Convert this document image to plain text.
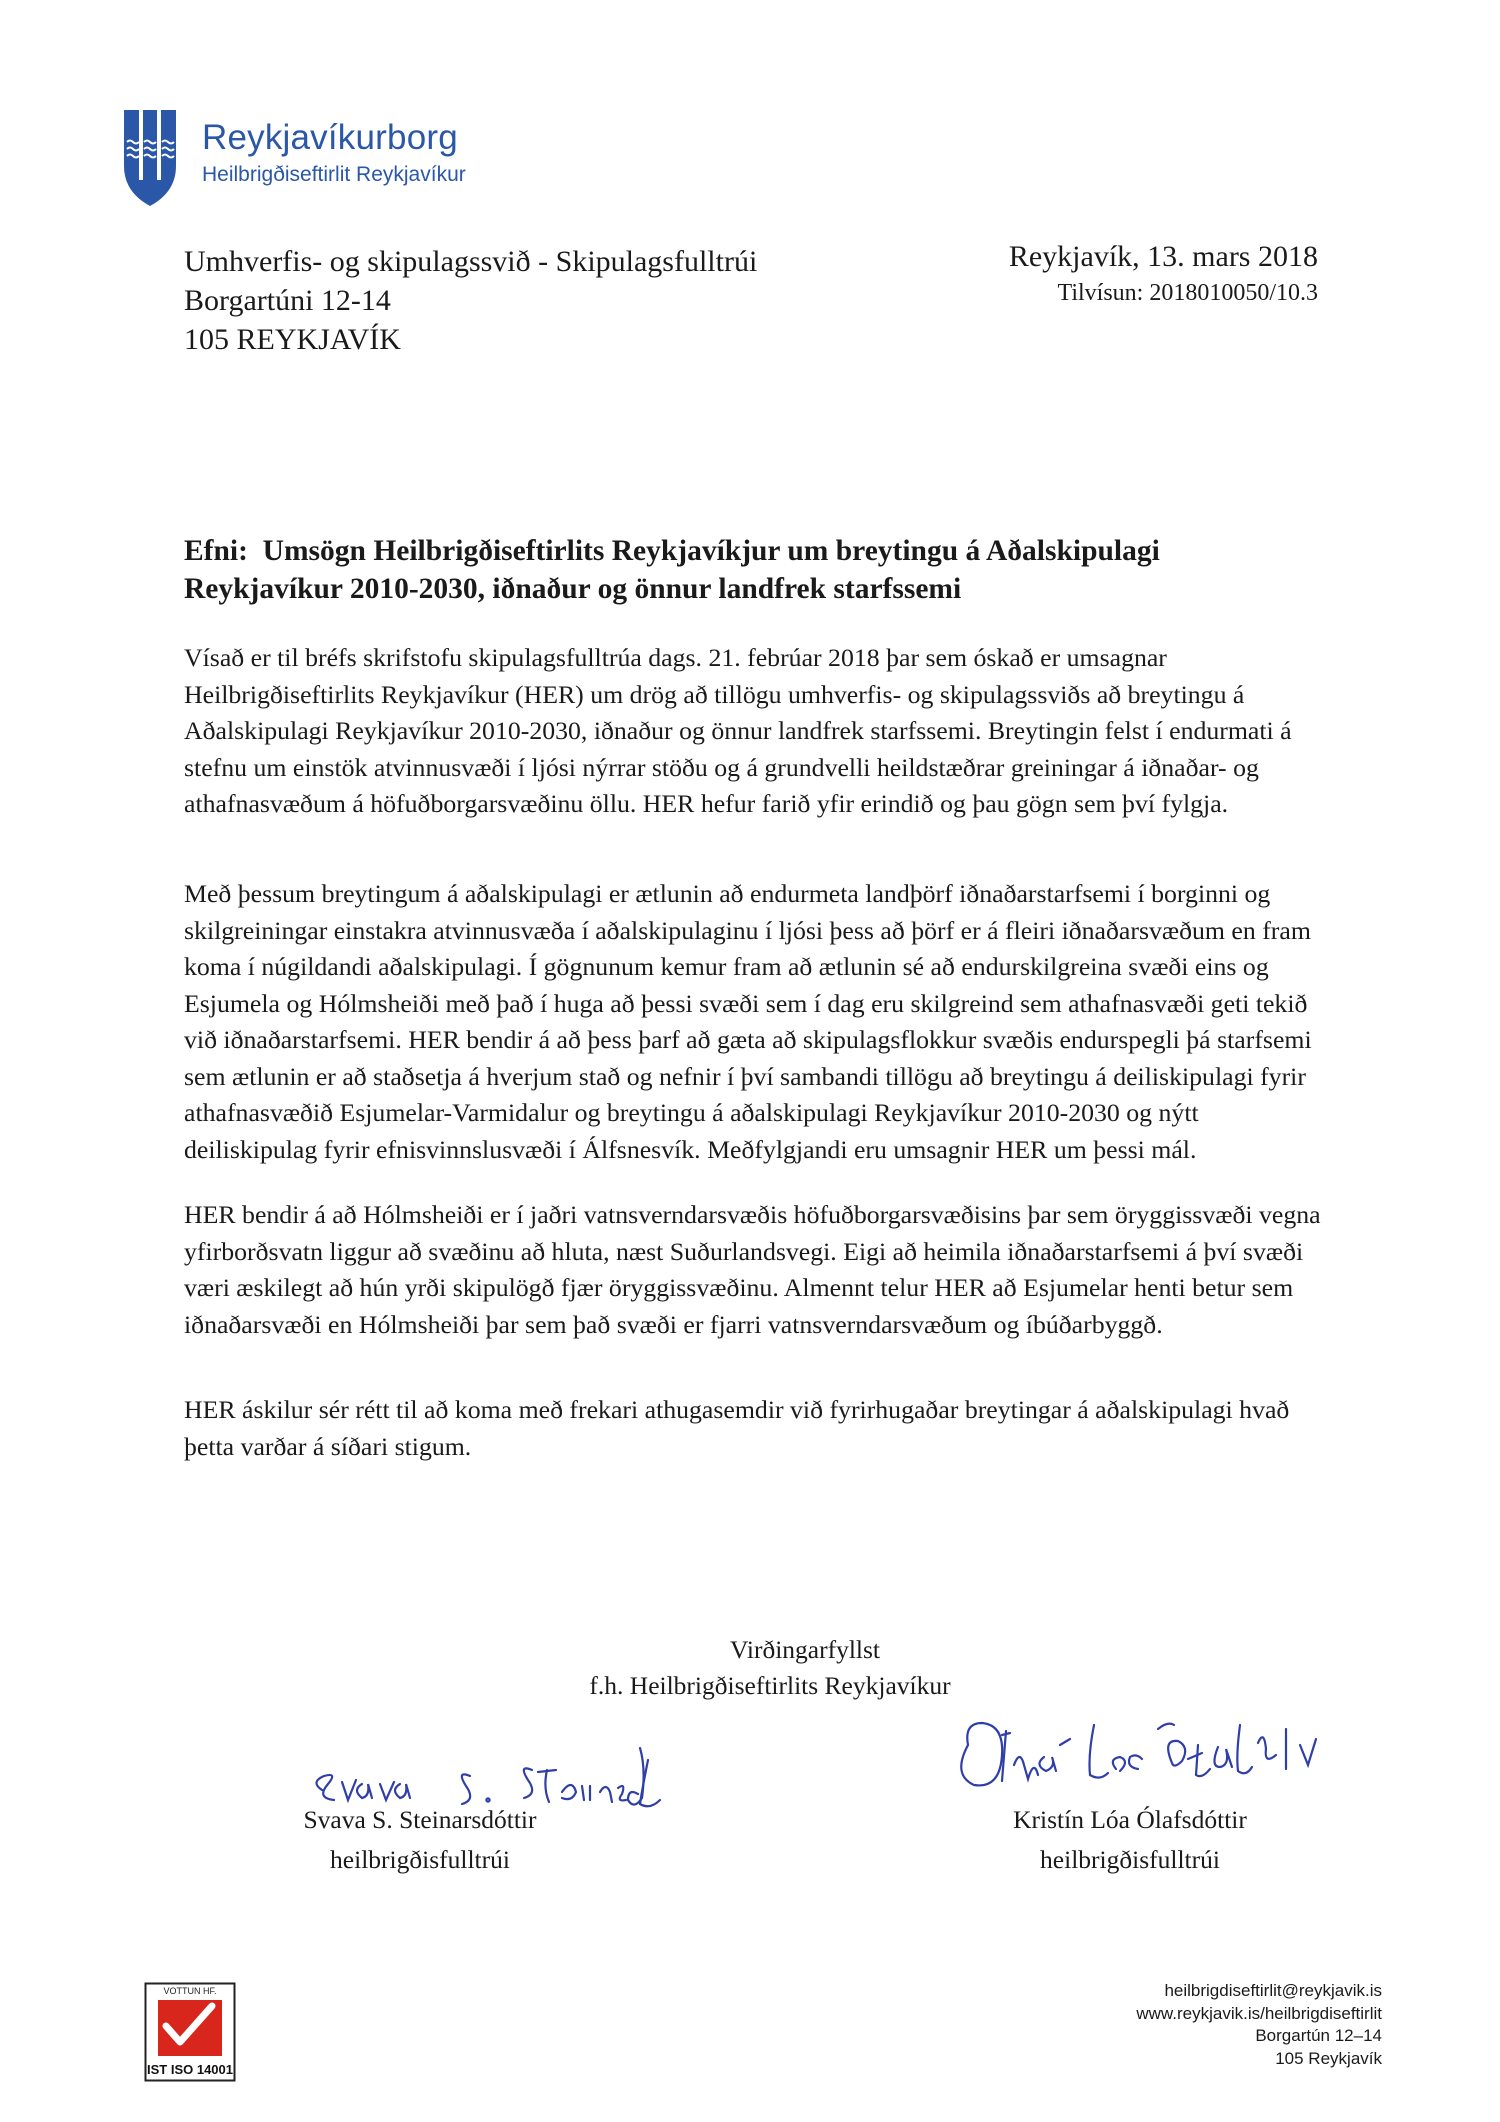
Reykjavíkurborg
Heilbrigðiseftirlit Reykjavíkur
Umhverfis- og skipulagssvið - Skipulagsfulltrúi
Borgartúni 12-14
105 REYKJAVÍK
Reykjavík, 13. mars 2018
Tilvísun: 2018010050/10.3
Efni:  Umsögn Heilbrigðiseftirlits Reykjavíkjur um breytingu á Aðalskipulagi
Reykjavíkur 2010-2030, iðnaður og önnur landfrek starfssemi

Vísað er til bréfs skrifstofu skipulagsfulltrúa dags. 21. febrúar 2018 þar sem óskað er umsagnar Heilbrigðiseftirlits Reykjavíkur (HER) um drög að tillögu umhverfis- og skipulagssviðs að breytingu á Aðalskipulagi Reykjavíkur 2010-2030, iðnaður og önnur landfrek starfssemi. Breytingin felst í endurmati á stefnu um einstök atvinnusvæði í ljósi nýrrar stöðu og á grundvelli heildstæðrar greiningar á iðnaðar- og athafnasvæðum á höfuðborgarsvæðinu öllu. HER hefur farið yfir erindið og þau gögn sem því fylgja.

Með þessum breytingum á aðalskipulagi er ætlunin að endurmeta landþörf iðnaðarstarfsemi í borginni og skilgreiningar einstakra atvinnusvæða í aðalskipulaginu í ljósi þess að þörf er á fleiri iðnaðarsvæðum en fram koma í núgildandi aðalskipulagi. Í gögnunum kemur fram að ætlunin sé að endurskilgreina svæði eins og Esjumela og Hólmsheiði með það í huga að þessi svæði sem í dag eru skilgreind sem athafnasvæði geti tekið við iðnaðarstarfsemi. HER bendir á að þess þarf að gæta að skipulagsflokkur svæðis endurspegli þá starfsemi sem ætlunin er að staðsetja á hverjum stað og nefnir í því sambandi tillögu að breytingu á deiliskipulagi fyrir athafnasvæðið Esjumelar-Varmidalur og breytingu á aðalskipulagi Reykjavíkur 2010-2030 og nýtt deiliskipulag fyrir efnisvinnslusvæði í Álfsnesvík. Meðfylgjandi eru umsagnir HER um þessi mál.

HER bendir á að Hólmsheiði er í jaðri vatnsverndarsvæðis höfuðborgarsvæðisins þar sem öryggissvæði vegna yfirborðsvatn liggur að svæðinu að hluta, næst Suðurlandsvegi. Eigi að heimila iðnaðarstarfsemi á því svæði væri æskilegt að hún yrði skipulögð fjær öryggissvæðinu. Almennt telur HER að Esjumelar henti betur sem iðnaðarsvæði en Hólmsheiði þar sem það svæði er fjarri vatnsverndarsvæðum og íbúðarbyggð.

HER áskilur sér rétt til að koma með frekari athugasemdir við fyrirhugaðar breytingar á aðalskipulagi hvað þetta varðar á síðari stigum.

Virðingarfyllst
f.h. Heilbrigðiseftirlits Reykjavíkur
Svava S. Steinarsdóttir
heilbrigðisfulltrúi
Kristín Lóa Ólafsdóttir
heilbrigðisfulltrúi
VOTTUN HF.
IST ISO 14001
heilbrigdiseftirlit@reykjavik.is
www.reykjavik.is/heilbrigdiseftirlit
Borgartún 12–14
105 Reykjavík
